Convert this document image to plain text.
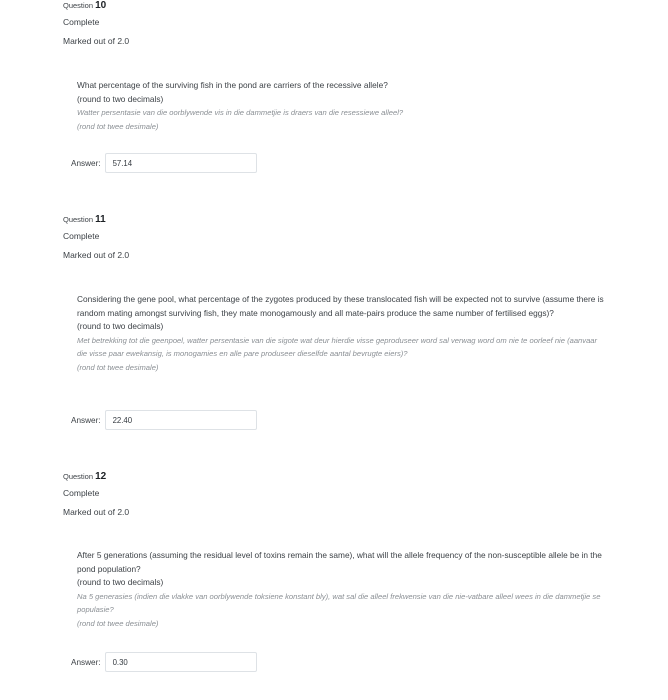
Question 10
Complete
Marked out of 2.0

What percentage of the surviving fish in the pond are carriers of the recessive allele?

(round to two decimals)

Watter persentasie van die oorblywende vis in die dammetjie is draers van die resessiewe alleel?

(rond tot twee desimale)

Answer:	57.14
Question 11
Complete
Marked out of 2.0

Considering the gene pool, what percentage of the zygotes produced by these translocated fish will be expected not to survive (assume there is random mating amongst surviving fish, they mate monogamously and all mate-pairs produce the same number of fertilised eggs)?

(round to two decimals)

Met betrekking tot die geenpoel, watter persentasie van die sigote wat deur hierdie visse geproduseer word sal verwag word om nie te oorleef nie (aanvaar die visse paar ewekansig, is monogamies en alle pare produseer dieselfde aantal bevrugte eiers)?

(rond tot twee desimale)

Answer:	22.40
Question 12
Complete
Marked out of 2.0

After 5 generations (assuming the residual level of toxins remain the same), what will the allele frequency of the non-susceptible allele be in the pond population?

(round to two decimals)

Na 5 generasies (indien die vlakke van oorblywende toksiene konstant bly), wat sal die alleel frekwensie van die nie-vatbare alleel wees in die dammetjie se populasie?

(rond tot twee desimale)

Answer:	0.30
